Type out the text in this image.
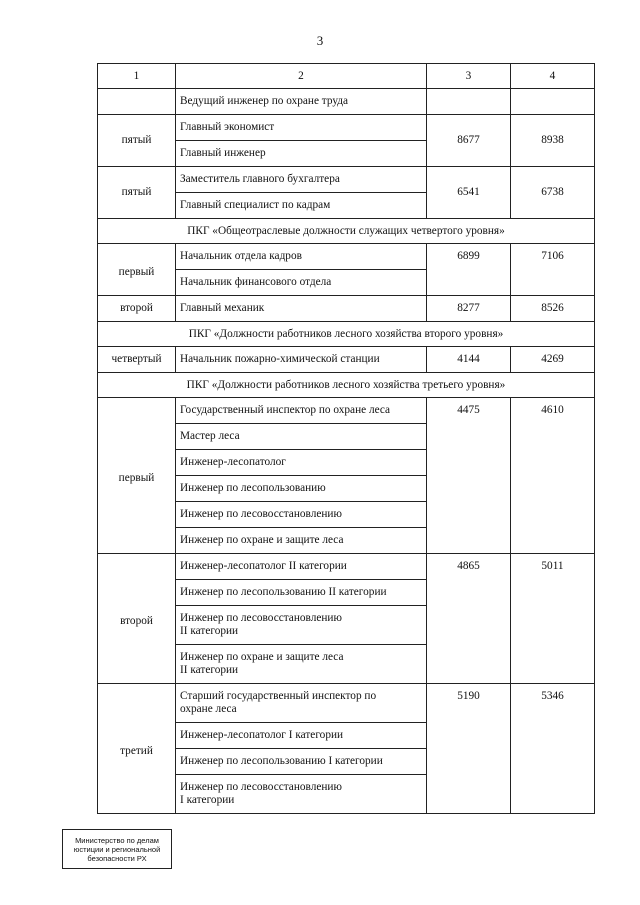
3
1	2	3	4
	Ведущий инженер по охране труда		
пятый	Главный экономист	8677	8938
	Главный инженер		
пятый	Заместитель главного бухгалтера	6541	6738
	Главный специалист по кадрам		
ПКГ «Общеотраслевые должности служащих четвертого уровня»			
первый	Начальник отдела кадров	6899	7106
	Начальник финансового отдела		
второй	Главный механик	8277	8526
ПКГ «Должности работников лесного хозяйства второго уровня»			
четвертый	Начальник пожарно-химической станции	4144	4269
ПКГ «Должности работников лесного хозяйства третьего уровня»			
первый	Государственный инспектор по охране леса	4475	4610
	Мастер леса		
	Инженер-лесопатолог		
	Инженер по лесопользованию		
	Инженер по лесовосстановлению		
	Инженер по охране и защите леса		
второй	Инженер-лесопатолог II категории	4865	5011
	Инженер по лесопользованию II категории		

	Инженер по лесовосстановлению
II категории		

	Инженер по охране и защите леса
II категории		

третий	Старший государственный инспектор по
охране леса	5190	5346
	Инженер-лесопатолог I категории		
	Инженер по лесопользованию I категории		

	Инженер по лесовосстановлению
I категории		
Министерство по делам
юстиции и региональной
безопасности РХ
